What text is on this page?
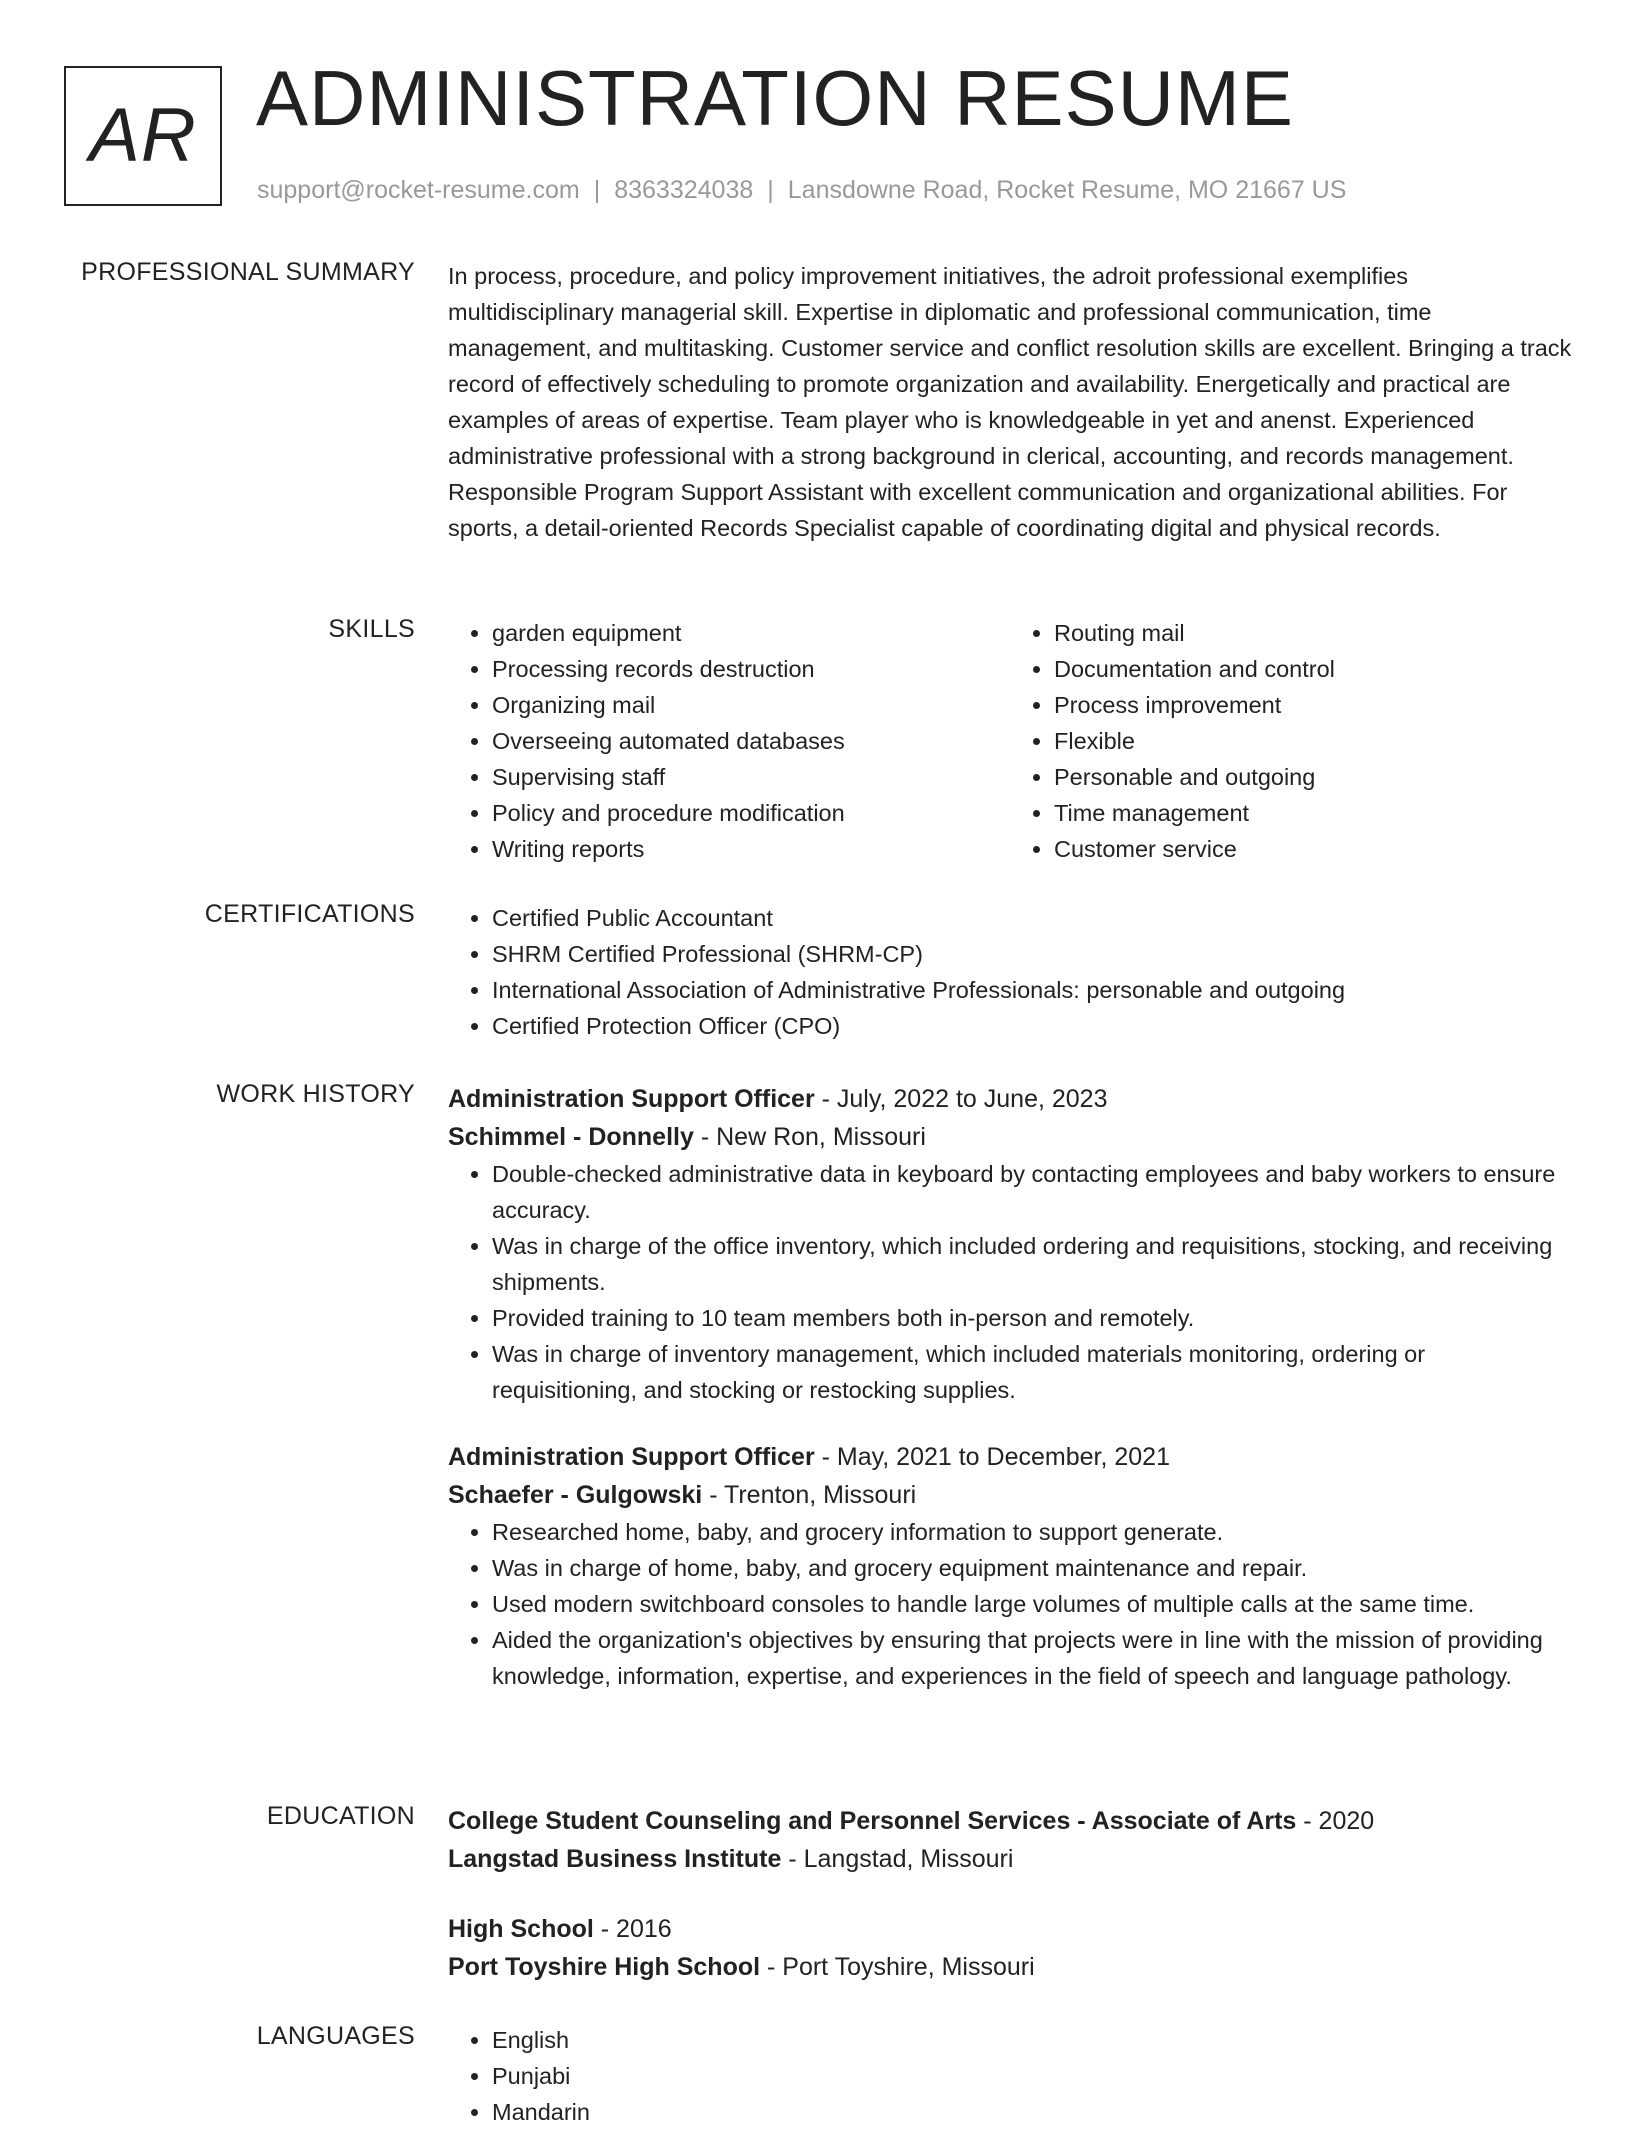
AR ADMINISTRATION RESUME
support@rocket-resume.com | 8363324038 | Lansdowne Road, Rocket Resume, MO 21667 US
PROFESSIONAL SUMMARY In process, procedure, and policy improvement initiatives, the adroit professional exemplifies multidisciplinary managerial skill. Expertise in diplomatic and professional communication, time management, and multitasking. Customer service and conflict resolution skills are excellent. Bringing a track record of effectively scheduling to promote organization and availability. Energetically and practical are examples of areas of expertise. Team player who is knowledgeable in yet and anenst. Experienced administrative professional with a strong background in clerical, accounting, and records management. Responsible Program Support Assistant with excellent communication and organizational abilities. For sports, a detail-oriented Records Specialist capable of coordinating digital and physical records.

SKILLS	• garden equipment
• Processing records destruction
• Organizing mail
• Overseeing automated databases
• Supervising staff
• Policy and procedure modification
• Writing reports
• Routing mail
• Documentation and control
• Process improvement
• Flexible
• Personable and outgoing
• Time management
• Customer service
CERTIFICATIONS	• Certified Public Accountant
• SHRM Certified Professional (SHRM-CP)
• International Association of Administrative Professionals: personable and outgoing
• Certified Protection Officer (CPO)
WORK HISTORY Administration Support Officer - July, 2022 to June, 2023
Schimmel - Donnelly - New Ron, Missouri
• Double-checked administrative data in keyboard by contacting employees and baby workers to ensure accuracy.
• Was in charge of the office inventory, which included ordering and requisitions, stocking, and receiving shipments.
• Provided training to 10 team members both in-person and remotely.
• Was in charge of inventory management, which included materials monitoring, ordering or requisitioning, and stocking or restocking supplies.
Administration Support Officer - May, 2021 to December, 2021
Schaefer - Gulgowski - Trenton, Missouri
• Researched home, baby, and grocery information to support generate.
• Was in charge of home, baby, and grocery equipment maintenance and repair.
• Used modern switchboard consoles to handle large volumes of multiple calls at the same time.
• Aided the organization's objectives by ensuring that projects were in line with the mission of providing knowledge, information, expertise, and experiences in the field of speech and language pathology.
EDUCATION College Student Counseling and Personnel Services - Associate of Arts - 2020
Langstad Business Institute - Langstad, Missouri
High School - 2016
Port Toyshire High School - Port Toyshire, Missouri
LANGUAGES	• English
• Punjabi
• Mandarin
